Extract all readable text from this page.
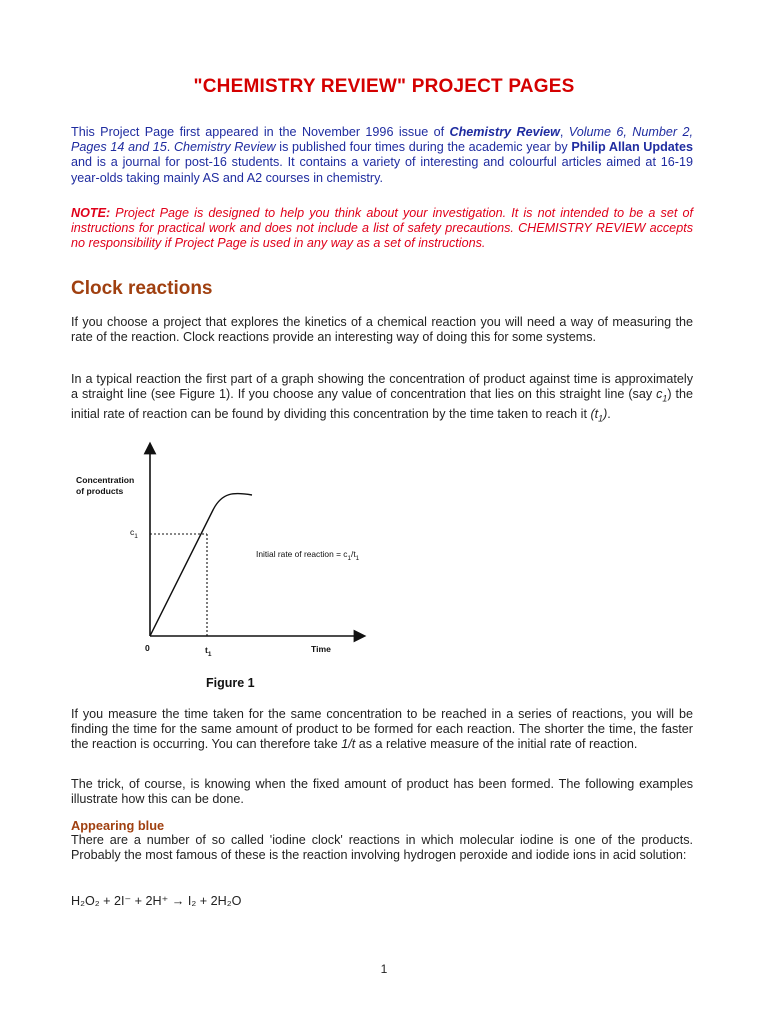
"CHEMISTRY REVIEW" PROJECT PAGES

This Project Page first appeared in the November 1996 issue of Chemistry Review, Volume 6, Number 2, Pages 14 and 15. Chemistry Review is published four times during the academic year by Philip Allan Updates and is a journal for post-16 students. It contains a variety of interesting and colourful articles aimed at 16-19 year-olds taking mainly AS and A2 courses in chemistry.

NOTE: Project Page is designed to help you think about your investigation. It is not intended to be a set of instructions for practical work and does not include a list of safety precautions. CHEMISTRY REVIEW accepts no responsibility if Project Page is used in any way as a set of instructions.

Clock reactions

If you choose a project that explores the kinetics of a chemical reaction you will need a way of measuring the rate of the reaction. Clock reactions provide an interesting way of doing this for some systems.

In a typical reaction the first part of a graph showing the concentration of product against time is approximately a straight line (see Figure 1). If you choose any value of concentration that lies on this straight line (say $c_1$) the initial rate of reaction can be found by dividing this concentration by the time taken to reach it $(t_1)$.

Concentration
of products
$c_1$
Initial rate of reaction = $c_1/t_1$
0	$t_1$
Time

Figure 1

If you measure the time taken for the same concentration to be reached in a series of reactions, you will be finding the time for the same amount of product to be formed for each reaction. The shorter the time, the faster the reaction is occurring. You can therefore take 1/t as a relative measure of the initial rate of reaction.

The trick, of course, is knowing when the fixed amount of product has been formed. The following examples illustrate how this can be done.

Appearing blue

There are a number of so called 'iodine clock' reactions in which molecular iodine is one of the products. Probably the most famous of these is the reaction involving hydrogen peroxide and iodide ions in acid solution:

H₂O₂ + 2I⁻ + 2H⁺ → I₂ + 2H₂O

1
